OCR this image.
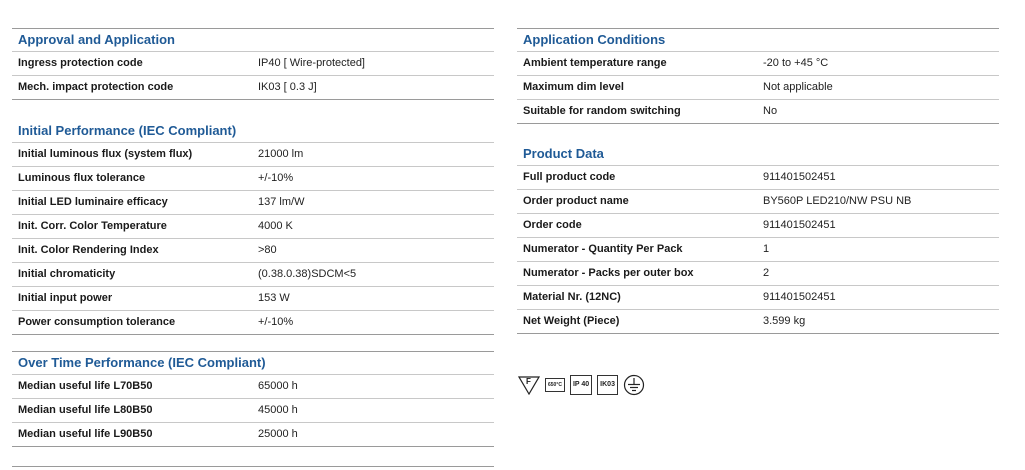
Approval and Application
Ingress protection code	IP40 [ Wire-protected]
Mech. impact protection code	IK03 [ 0.3 J]
Initial Performance (IEC Compliant)
Initial luminous flux (system flux)	21000 lm
Luminous flux tolerance	+/-10%
Initial LED luminaire efficacy	137 lm/W
Init. Corr. Color Temperature	4000 K
Init. Color Rendering Index	>80
Initial chromaticity	(0.38.0.38)SDCM<5
Initial input power	153 W
Power consumption tolerance	+/-10%
Over Time Performance (IEC Compliant)
Median useful life L70B50	65000 h
Median useful life L80B50	45000 h
Median useful life L90B50	25000 h
Application Conditions
Ambient temperature range	-20 to +45 °C
Maximum dim level	Not applicable
Suitable for random switching	No
Product Data
Full product code	911401502451
Order product name	BY560P LED210/NW PSU NB
Order code	911401502451
Numerator - Quantity Per Pack	1
Numerator - Packs per outer box	2
Material Nr. (12NC)	911401502451
Net Weight (Piece)	3.599 kg
F	650°C	IP 40	IK03
